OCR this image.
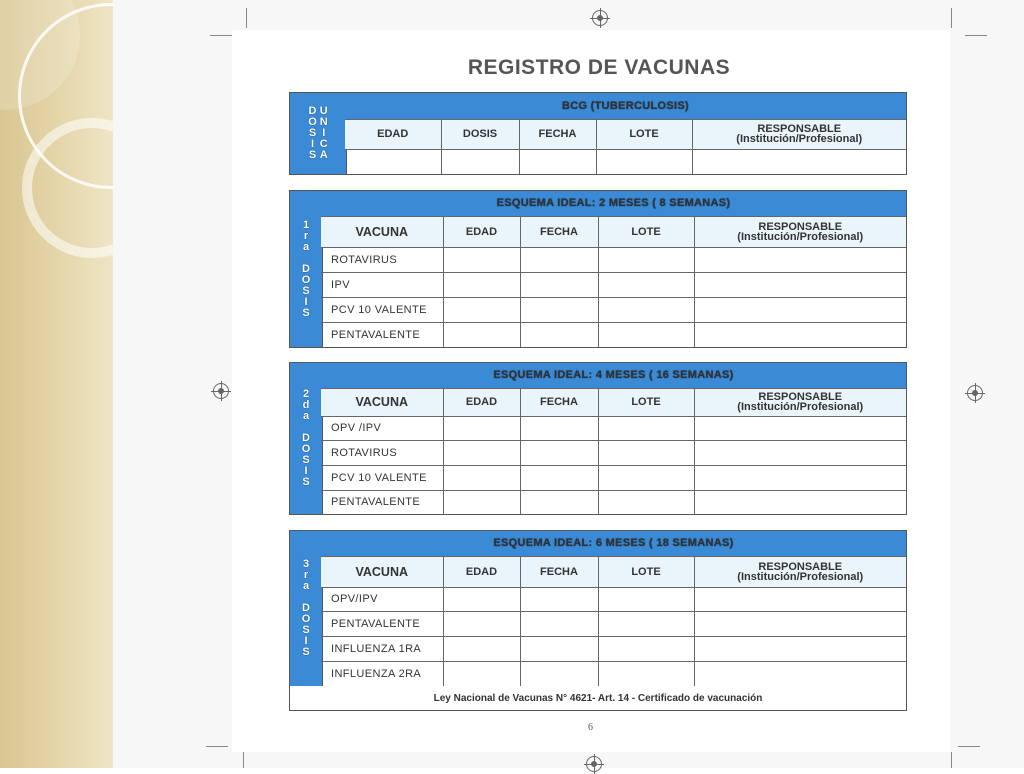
REGISTRO DE VACUNAS
D
O
S
I
S
U
N
I
C
A
BCG (TUBERCULOSIS)				
EDAD	DOSIS	FECHA	LOTE	RESPONSABLE
(Institución/Profesional)

1
r
a

D
O
S
I
S
ESQUEMA IDEAL: 2 MESES ( 8 SEMANAS)				
VACUNA	EDAD	FECHA	LOTE	RESPONSABLE
(Institución/Profesional)

ROTAVIRUS				
IPV				
PCV 10 VALENTE				
PENTAVALENTE				
2
d
a

D
O
S
I
S
ESQUEMA IDEAL: 4 MESES ( 16 SEMANAS)				
VACUNA	EDAD	FECHA	LOTE	RESPONSABLE
(Institución/Profesional)

OPV /IPV				
ROTAVIRUS				
PCV 10 VALENTE				
PENTAVALENTE				
3
r
a

D
O
S
I
S
ESQUEMA IDEAL: 6 MESES ( 18 SEMANAS)				
VACUNA	EDAD	FECHA	LOTE	RESPONSABLE
(Institución/Profesional)

OPV/IPV				
PENTAVALENTE				
INFLUENZA 1RA				
INFLUENZA 2RA				
Ley Nacional de Vacunas N° 4621- Art. 14 - Certificado de vacunación
6
